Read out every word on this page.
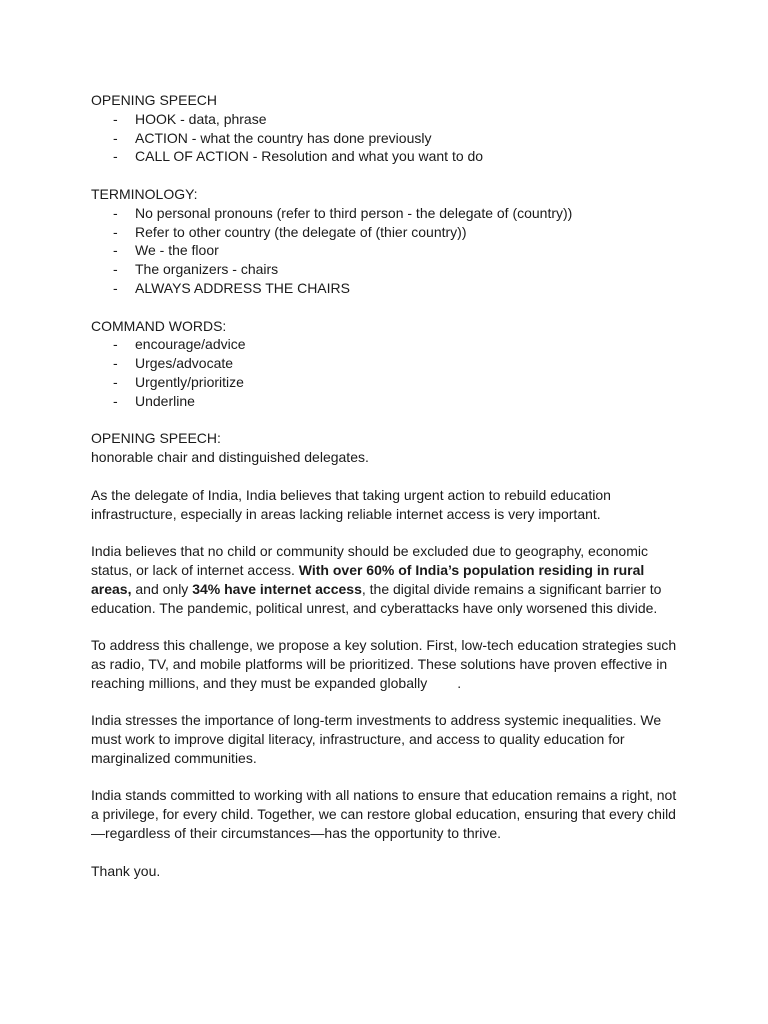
OPENING SPEECH
- HOOK - data, phrase
- ACTION - what the country has done previously
- CALL OF ACTION - Resolution and what you want to do
TERMINOLOGY:
- No personal pronouns (refer to third person - the delegate of (country))
- Refer to other country (the delegate of (thier country))
- We - the floor
- The organizers - chairs
- ALWAYS ADDRESS THE CHAIRS
COMMAND WORDS:
- encourage/advice
- Urges/advocate
- Urgently/prioritize
- Underline
OPENING SPEECH:

honorable chair and distinguished delegates.

As the delegate of India, India believes that taking urgent action to rebuild education infrastructure, especially in areas lacking reliable internet access is very important.

India believes that no child or community should be excluded due to geography, economic status, or lack of internet access. With over 60% of India’s population residing in rural areas, and only 34% have internet access, the digital divide remains a significant barrier to education. The pandemic, political unrest, and cyberattacks have only worsened this divide.

To address this challenge, we propose a key solution. First, low-tech education strategies such as radio, TV, and mobile platforms will be prioritized. These solutions have proven effective in reaching millions, and they must be expanded globally .

India stresses the importance of long-term investments to address systemic inequalities. We must work to improve digital literacy, infrastructure, and access to quality education for marginalized communities.

India stands committed to working with all nations to ensure that education remains a right, not a privilege, for every child. Together, we can restore global education, ensuring that every child—regardless of their circumstances—has the opportunity to thrive.

Thank you.
